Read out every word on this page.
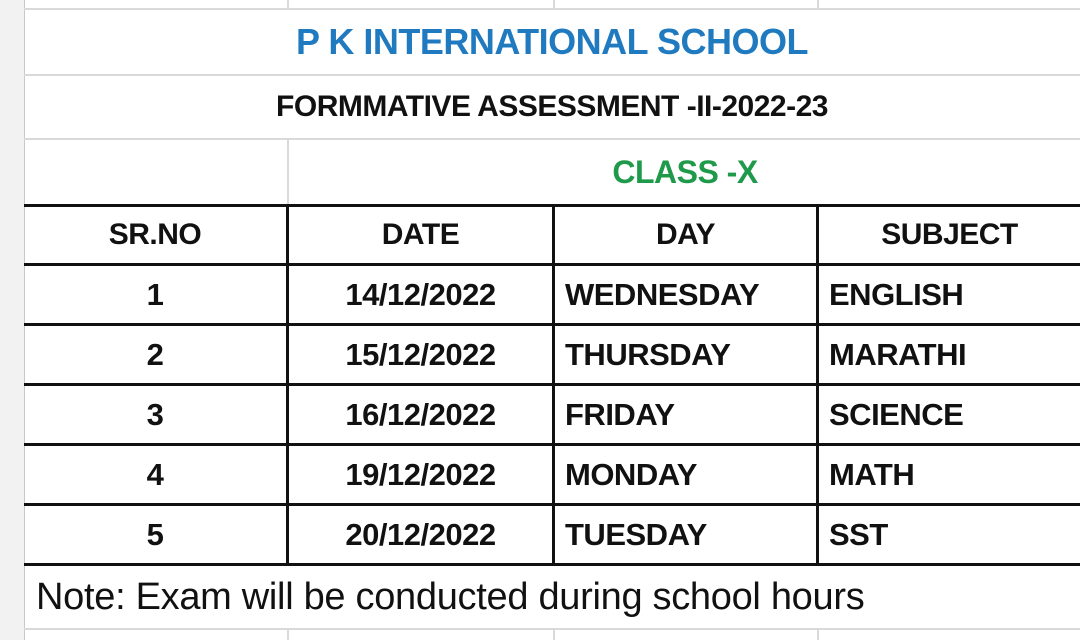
P K INTERNATIONAL SCHOOL
FORMMATIVE ASSESSMENT -II-2022-23
CLASS -X
SR.NO	DATE	DAY	SUBJECT
1	14/12/2022	WEDNESDAY	ENGLISH
2	15/12/2022	THURSDAY	MARATHI
3	16/12/2022	FRIDAY	SCIENCE
4	19/12/2022	MONDAY	MATH
5	20/12/2022	TUESDAY	SST
Note: Exam will be conducted during school hours
